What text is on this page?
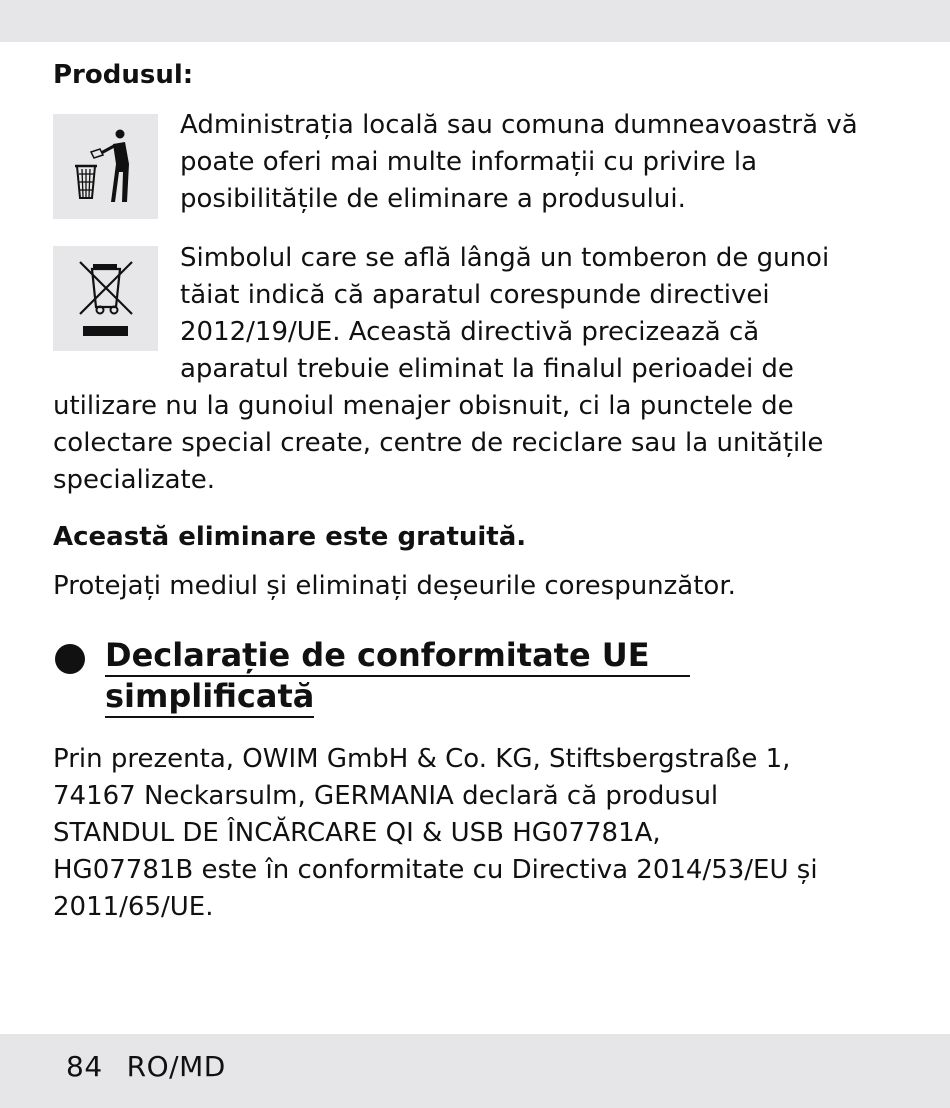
Produsul:
Administrația locală sau comuna dumneavoastră vă
poate oferi mai multe informații cu privire la
posibilitățile de eliminare a produsului.
Simbolul care se află lângă un tomberon de gunoi
tăiat indică că aparatul corespunde directivei
2012/19/UE. Această directivă precizează că
aparatul trebuie eliminat la finalul perioadei de
utilizare nu la gunoiul menajer obisnuit, ci la punctele de
colectare special create, centre de reciclare sau la unitățile
specializate.
Această eliminare este gratuită.
Protejați mediul și eliminați deșeurile corespunzător.
Declarație de conformitate UE
simplificată
Prin prezenta, OWIM GmbH & Co. KG, Stiftsbergstraße 1,
74167 Neckarsulm, GERMANIA declară că produsul
STANDUL DE ÎNCĂRCARE QI & USB HG07781A,
HG07781B este în conformitate cu Directiva 2014/53/EU și
2011/65/UE.
84 RO/MD
